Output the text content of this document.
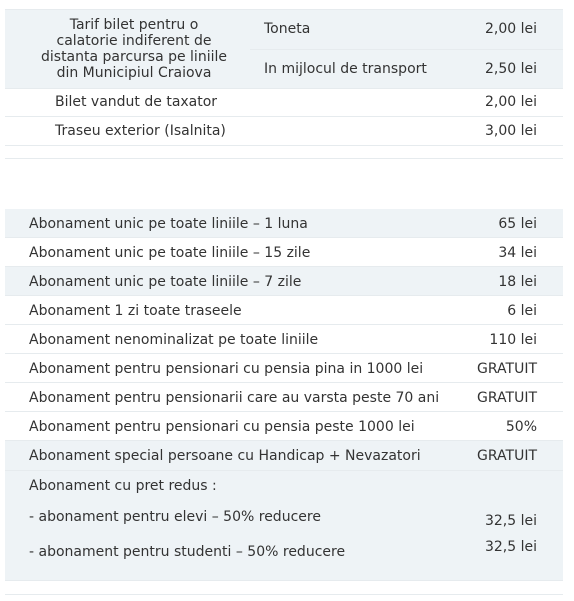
Tarif bilet pentru o
calatorie indiferent de
distanta parcursa pe liniile
din Municipiul Craiova
Toneta	2,00 lei
In mijlocul de transport	2,50 lei
Bilet vandut de taxator	2,00 lei
Traseu exterior (Isalnita)	3,00 lei
Abonament unic pe toate liniile – 1 luna	65 lei
Abonament unic pe toate liniile – 15 zile	34 lei
Abonament unic pe toate liniile – 7 zile	18 lei
Abonament 1 zi toate traseele	6 lei
Abonament nenominalizat pe toate liniile	110 lei
Abonament pentru pensionari cu pensia pina in 1000 lei	GRATUIT
Abonament pentru pensionarii care au varsta peste 70 ani	GRATUIT
Abonament pentru pensionari cu pensia peste 1000 lei	50%
Abonament special persoane cu Handicap + Nevazatori	GRATUIT
Abonament cu pret redus :
- abonament pentru elevi – 50% reducere	32,5 lei
- abonament pentru studenti – 50% reducere	32,5 lei
